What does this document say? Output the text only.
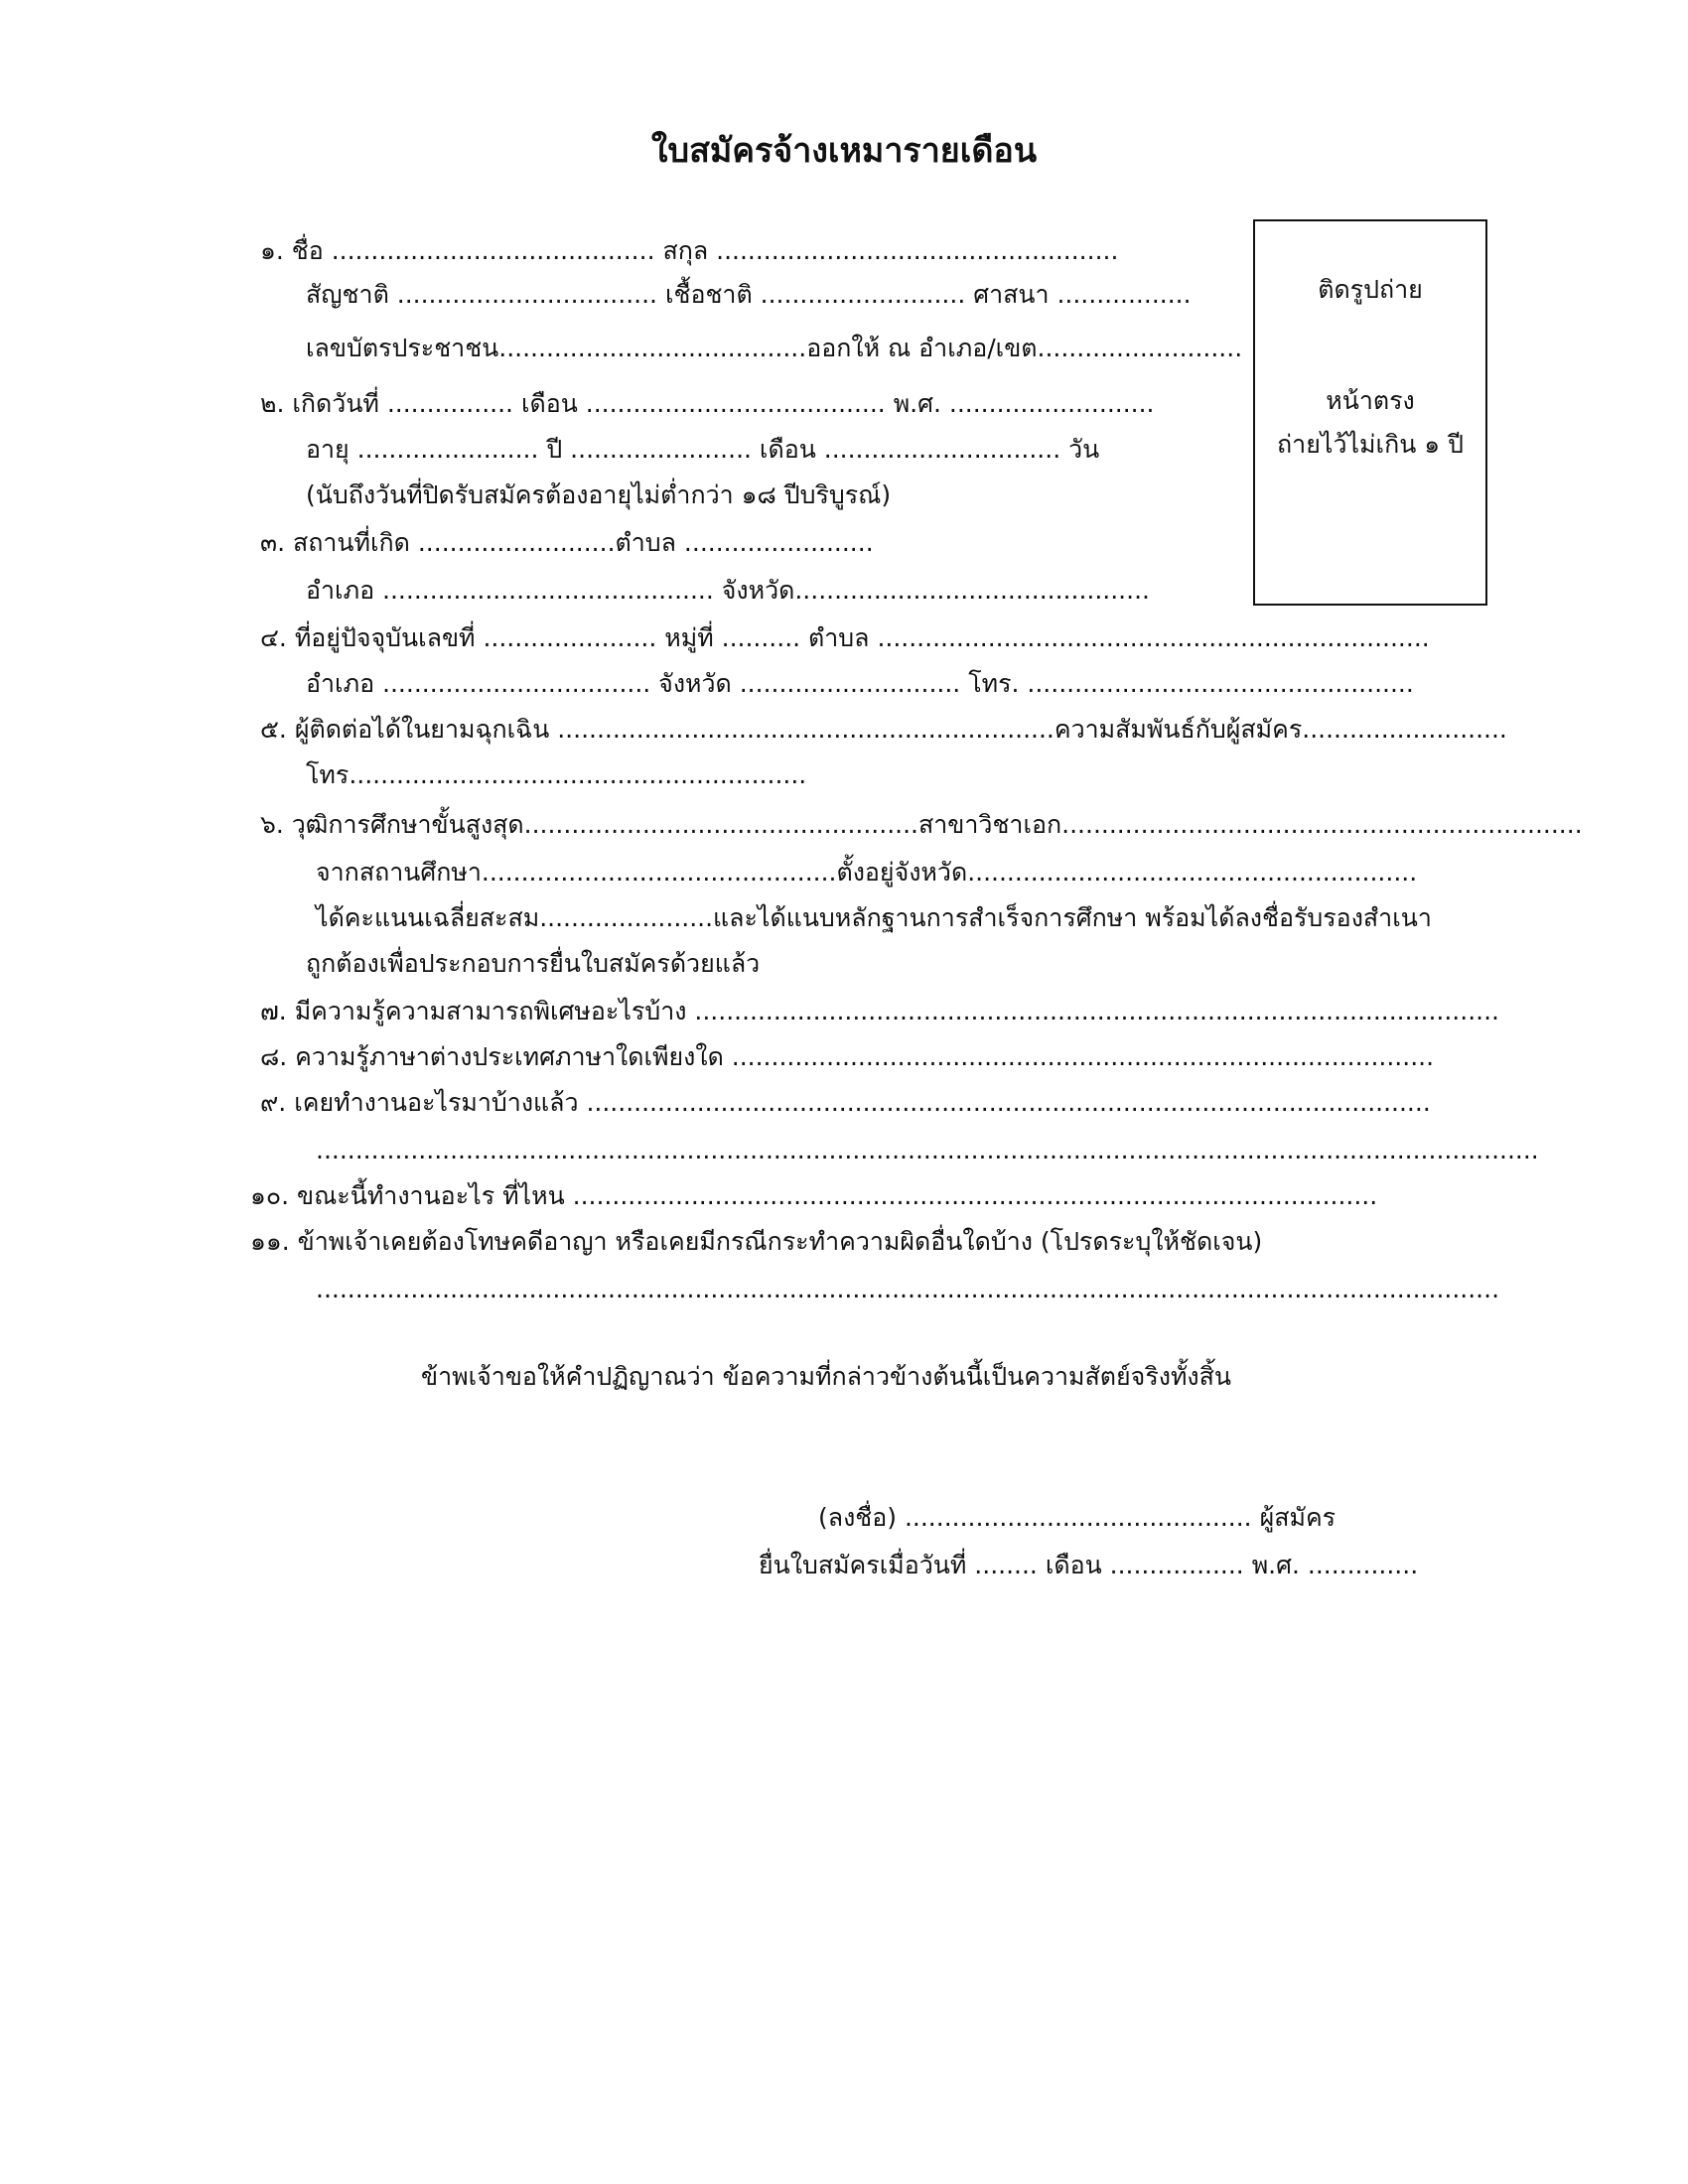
ใบสมัครจ้างเหมารายเดือน
ติดรูปถ่าย
หน้าตรง
ถ่ายไว้ไม่เกิน ๑ ปี
๑. ชื่อ ......................................... สกุล ...................................................
สัญชาติ ................................. เชื้อชาติ .......................... ศาสนา .................
เลขบัตรประชาชน.......................................ออกให้ ณ อำเภอ/เขต..........................
๒. เกิดวันที่ ................ เดือน ...................................... พ.ศ. ..........................
อายุ ....................... ปี ....................... เดือน .............................. วัน
(นับถึงวันที่ปิดรับสมัครต้องอายุไม่ต่ำกว่า ๑๘ ปีบริบูรณ์)
๓. สถานที่เกิด .........................ตำบล ........................
อำเภอ .......................................... จังหวัด.............................................
๔. ที่อยู่ปัจจุบันเลขที่ ...................... หมู่ที่ .......... ตำบล ......................................................................
อำเภอ .................................. จังหวัด ............................ โทร. .................................................
๕. ผู้ติดต่อได้ในยามฉุกเฉิน ...............................................................ความสัมพันธ์กับผู้สมัคร..........................
โทร..........................................................
๖. วุฒิการศึกษาขั้นสูงสุด..................................................สาขาวิชาเอก..................................................................
จากสถานศึกษา.............................................ตั้งอยู่จังหวัด.........................................................
ได้คะแนนเฉลี่ยสะสม......................และได้แนบหลักฐานการสำเร็จการศึกษา พร้อมได้ลงชื่อรับรองสำเนา
ถูกต้องเพื่อประกอบการยื่นใบสมัครด้วยแล้ว
๗. มีความรู้ความสามารถพิเศษอะไรบ้าง ......................................................................................................
๘. ความรู้ภาษาต่างประเทศภาษาใดเพียงใด .........................................................................................
๙. เคยทำงานอะไรมาบ้างแล้ว ...........................................................................................................
...........................................................................................................................................................
๑๐. ขณะนี้ทำงานอะไร ที่ไหน ......................................................................................................
๑๑. ข้าพเจ้าเคยต้องโทษคดีอาญา หรือเคยมีกรณีกระทำความผิดอื่นใดบ้าง (โปรดระบุให้ชัดเจน)
......................................................................................................................................................
ข้าพเจ้าขอให้คำปฏิญาณว่า ข้อความที่กล่าวข้างต้นนี้เป็นความสัตย์จริงทั้งสิ้น
(ลงชื่อ) ............................................ ผู้สมัคร
ยื่นใบสมัครเมื่อวันที่ ........ เดือน ................. พ.ศ. ..............
